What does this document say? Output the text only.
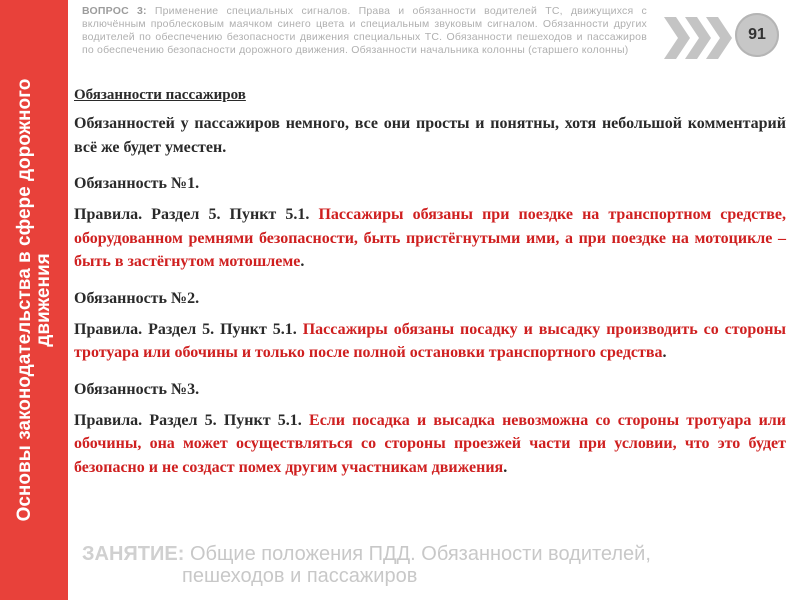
Основы законодательства в сфере дорожного движения
ВОПРОС 3: Применение специальных сигналов. Права и обязанности водителей ТС, движущихся с включённым проблесковым маячком синего цвета и специальным звуковым сигналом. Обязанности других водителей по обеспечению безопасности движения специальных ТС. Обязанности пешеходов и пассажиров по обеспечению безопасности дорожного движения. Обязанности начальника колонны (старшего колонны)
91
Обязанности пассажиров

Обязанностей у пассажиров немного, все они просты и понятны, хотя небольшой комментарий всё же будет уместен.

Обязанность №1.

Правила. Раздел 5. Пункт 5.1. Пассажиры обязаны при поездке на транспортном средстве, оборудованном ремнями безопасности, быть пристёгнутыми ими, а при поездке на мотоцикле – быть в застёгнутом мотошлеме.

Обязанность №2.

Правила. Раздел 5. Пункт 5.1. Пассажиры обязаны посадку и высадку производить со стороны тротуара или обочины и только после полной остановки транспортного средства.

Обязанность №3.

Правила. Раздел 5. Пункт 5.1. Если посадка и высадка невозможна со стороны тротуара или обочины, она может осуществляться со стороны проезжей части при условии, что это будет безопасно и не создаст помех другим участникам движения.

ЗАНЯТИЕ: Общие положения ПДД. Обязанности водителей,
пешеходов и пассажиров
